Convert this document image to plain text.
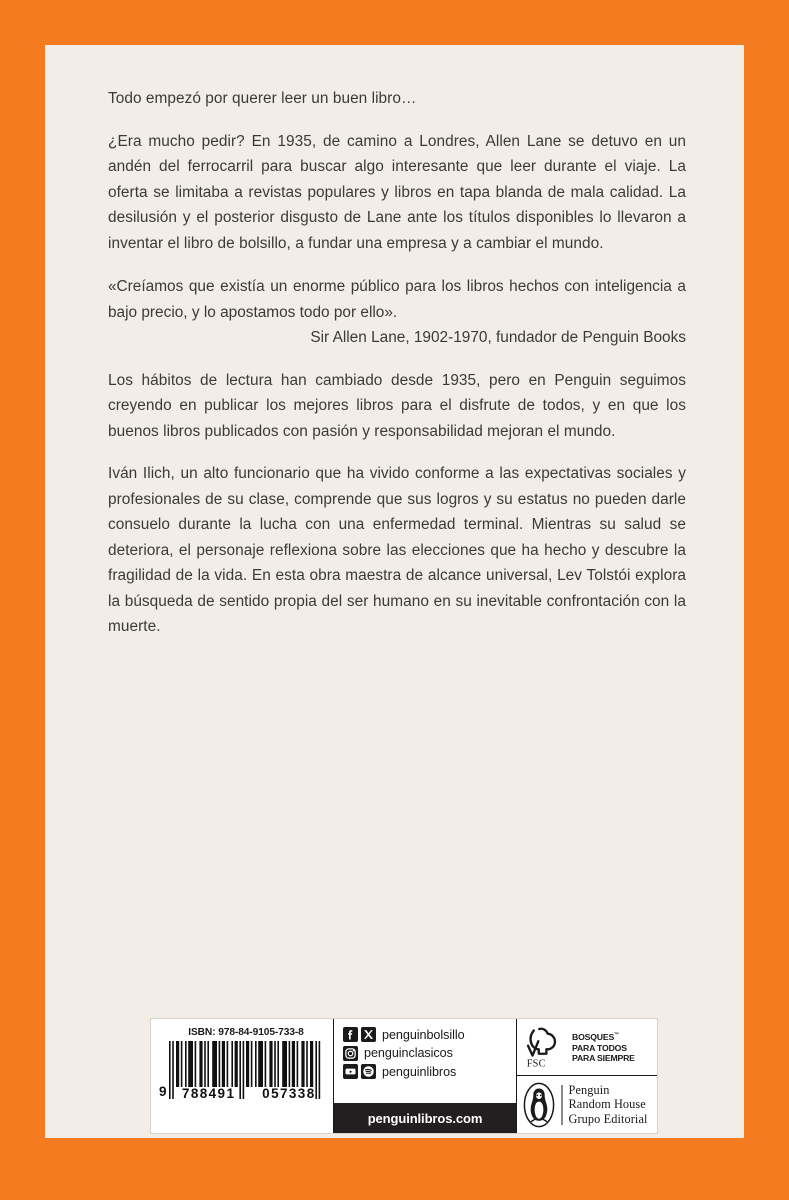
Todo empezó por querer leer un buen libro…

¿Era mucho pedir? En 1935, de camino a Londres, Allen Lane se detuvo en un andén del ferrocarril para buscar algo interesante que leer durante el viaje. La oferta se limitaba a revistas populares y libros en tapa blanda de mala calidad. La desilusión y el posterior disgusto de Lane ante los títulos disponibles lo llevaron a inventar el libro de bolsillo, a fundar una empresa y a cambiar el mundo.

«Creíamos que existía un enorme público para los libros hechos con inteligencia a bajo precio, y lo apostamos todo por ello».

Sir Allen Lane, 1902-1970, fundador de Penguin Books

Los hábitos de lectura han cambiado desde 1935, pero en Penguin seguimos creyendo en publicar los mejores libros para el disfrute de todos, y en que los buenos libros publicados con pasión y responsabilidad mejoran el mundo.

Iván Ilich, un alto funcionario que ha vivido conforme a las expectativas sociales y profesionales de su clase, comprende que sus logros y su estatus no pueden darle consuelo durante la lucha con una enfermedad terminal. Mientras su salud se deteriora, el personaje reflexiona sobre las elecciones que ha hecho y descubre la fragilidad de la vida. En esta obra maestra de alcance universal, Lev Tolstói explora la búsqueda de sentido propia del ser humano en su inevitable confrontación con la muerte.

ISBN: 978-84-9105-733-8
9	788491	057338
penguinbolsillo
penguinclasicos
penguinlibros
penguinlibros.com
FSC
BOSQUES™
PARA TODOS
PARA SIEMPRE
Penguin
Random House
Grupo Editorial
